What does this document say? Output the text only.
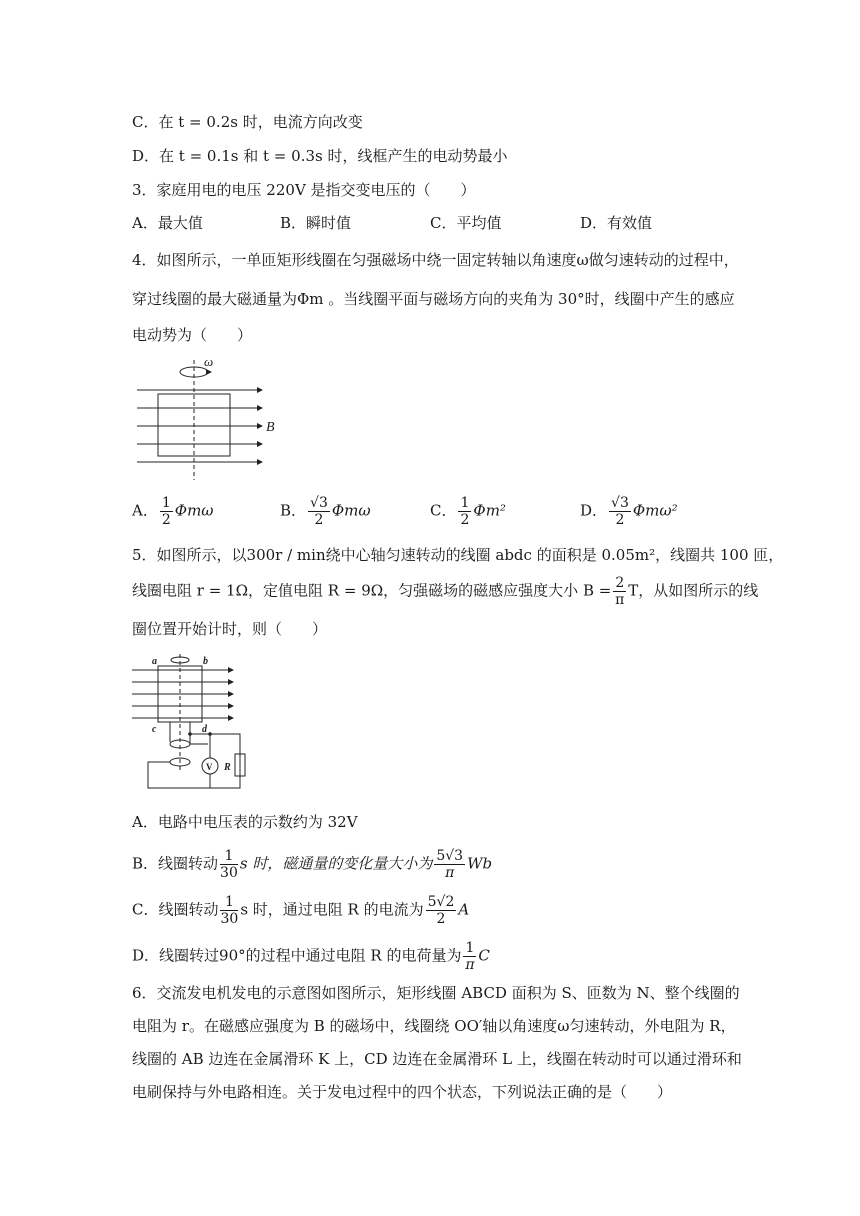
C．在 t = 0.2s 时，电流方向改变
D．在 t = 0.1s 和 t = 0.3s 时，线框产生的电动势最小
3．家庭用电的电压 220V 是指交变电压的（　　）
A．最大值	B．瞬时值	C．平均值	D．有效值
4．如图所示，一单匝矩形线圈在匀强磁场中绕一固定转轴以角速度ω做匀速转动的过程中，
穿过线圈的最大磁通量为Φm 。当线圈平面与磁场方向的夹角为 30°时，线圈中产生的感应
电动势为（　　）
ω
B
A． $\frac{1}{2}$ Φmω	B． $\frac{√3}{2}$ Φmω	C． $\frac{1}{2} \Phi m^2$	D． $\frac{√3}{2} \Phi m\omega^2$
5．如图所示，以300r / min绕中心轴匀速转动的线圈 abdc 的面积是 0.05m²，线圈共 100 匝，
线圈电阻 r = 1Ω，定值电阻 R = 9Ω，匀强磁场的磁感应强度大小 $B = \frac{2}{\pi}$ T，从如图所示的线
圈位置开始计时，则（　　）
a	b
c	d
V R
A．电路中电压表的示数约为 32V
B．线圈转动 $\frac{1}{30}$ s 时，磁通量的变化量大小为 $\frac{5√3}{\pi}$ Wb
C．线圈转动 $\frac{1}{30}$ s 时，通过电阻 R 的电流为 $\frac{5√2}{2}$ A
D．线圈转过90°的过程中通过电阻 R 的电荷量为 $\frac{1}{\pi}$ C
6．交流发电机发电的示意图如图所示，矩形线圈 ABCD 面积为 S、匝数为 N、整个线圈的
电阻为 r。在磁感应强度为 B 的磁场中，线圈绕 OO′轴以角速度ω匀速转动，外电阻为 R，
线圈的 AB 边连在金属滑环 K 上，CD 边连在金属滑环 L 上，线圈在转动时可以通过滑环和
电刷保持与外电路相连。关于发电过程中的四个状态，下列说法正确的是（　　）
